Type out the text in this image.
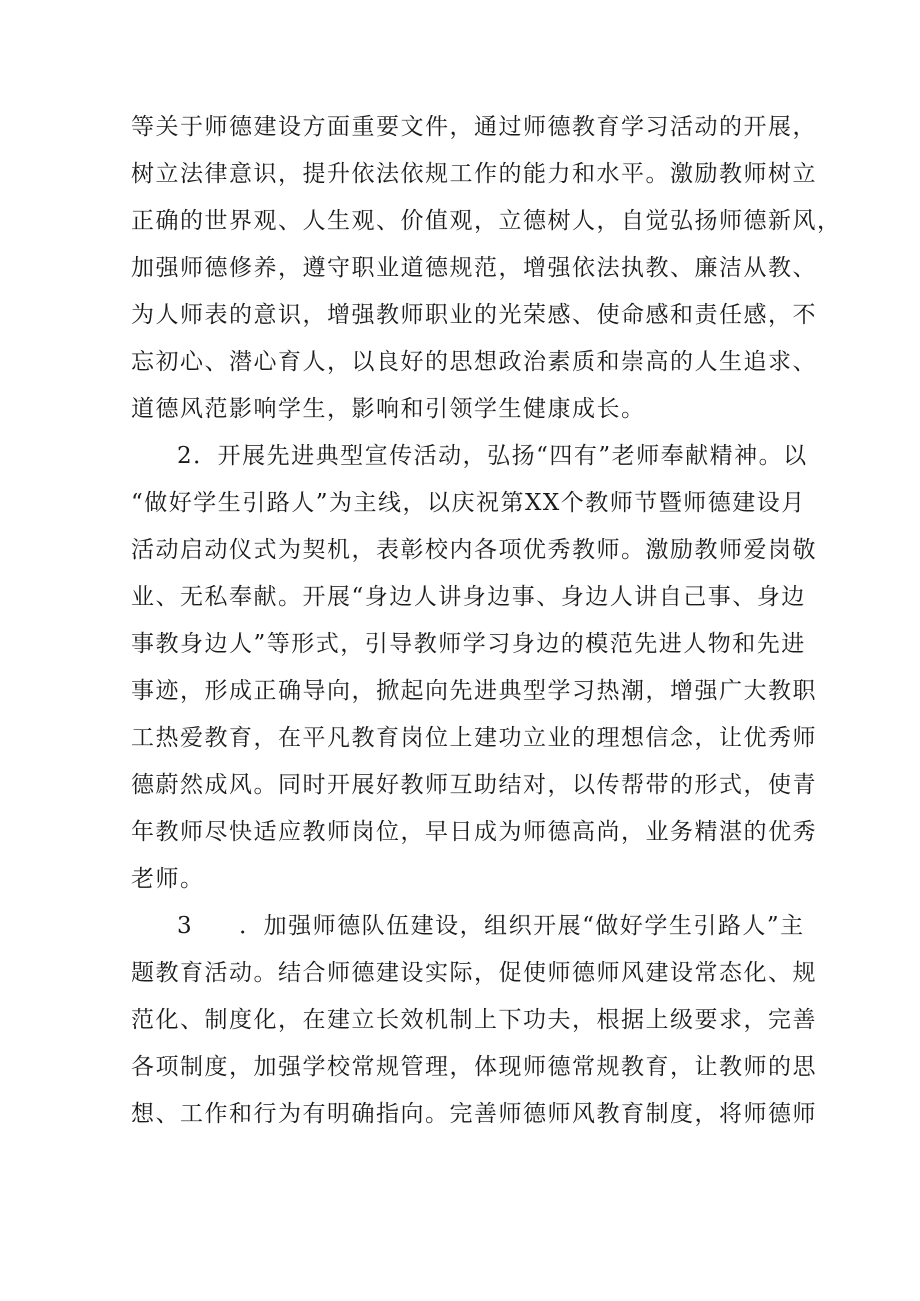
等关于师德建设方面重要文件，通过师德教育学习活动的开展，
树立法律意识，提升依法依规工作的能力和水平。激励教师树立
正确的世界观、人生观、价值观，立德树人，自觉弘扬师德新风，
加强师德修养，遵守职业道德规范，增强依法执教、廉洁从教、
为人师表的意识，增强教师职业的光荣感、使命感和责任感，不
忘初心、潜心育人，以良好的思想政治素质和崇高的人生追求、
道德风范影响学生，影响和引领学生健康成长。

2．开展先进典型宣传活动，弘扬“四有”老师奉献精神。以
“做好学生引路人”为主线，以庆祝第XX个教师节暨师德建设月
活动启动仪式为契机，表彰校内各项优秀教师。激励教师爱岗敬
业、无私奉献。开展“身边人讲身边事、身边人讲自己事、身边
事教身边人”等形式，引导教师学习身边的模范先进人物和先进
事迹，形成正确导向，掀起向先进典型学习热潮，增强广大教职
工热爱教育，在平凡教育岗位上建功立业的理想信念，让优秀师
德蔚然成风。同时开展好教师互助结对，以传帮带的形式，使青
年教师尽快适应教师岗位，早日成为师德高尚，业务精湛的优秀
老师。

3 ．加强师德队伍建设，组织开展“做好学生引路人”主
题教育活动。结合师德建设实际，促使师德师风建设常态化、规
范化、制度化，在建立长效机制上下功夫，根据上级要求，完善
各项制度，加强学校常规管理，体现师德常规教育，让教师的思
想、工作和行为有明确指向。完善师德师风教育制度，将师德师
